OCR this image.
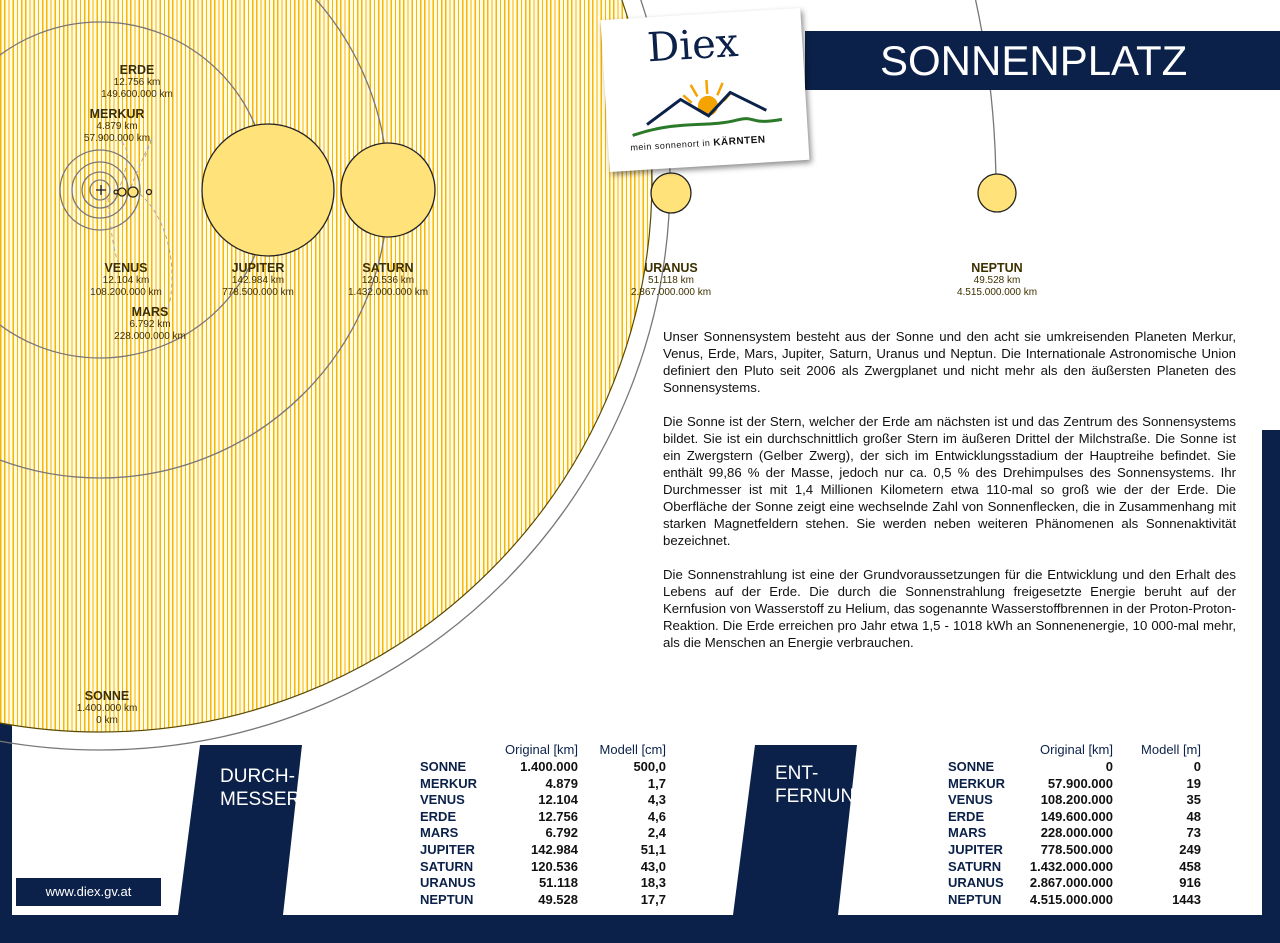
ERDE
12.756 km
149.600.000 km
MERKUR
4.879 km
57.900.000 km
VENUS
12.104 km
108.200.000 km
MARS
6.792 km
228.000.000 km
JUPITER
142.984 km
778.500.000 km
SATURN
120.536 km
1.432.000.000 km
URANUS
51.118 km
2.867.000.000 km
NEPTUN
49.528 km
4.515.000.000 km
SONNE
1.400.000 km
0 km
SONNENPLATZ
Diex
mein sonnenort in KÄRNTEN

Unser Sonnensystem besteht aus der Sonne und den acht sie umkreisenden Planeten Merkur, Venus, Erde, Mars, Jupiter, Saturn, Uranus und Neptun. Die Internationale Astronomische Union definiert den Pluto seit 2006 als Zwergplanet und nicht mehr als den äußersten Planeten des Sonnensystems.

Die Sonne ist der Stern, welcher der Erde am nächsten ist und das Zentrum des Sonnensystems bildet. Sie ist ein durchschnittlich großer Stern im äußeren Drittel der Milchstraße. Die Sonne ist ein Zwergstern (Gelber Zwerg), der sich im Entwicklungsstadium der Hauptreihe befindet. Sie enthält 99,86 % der Masse, jedoch nur ca. 0,5 % des Drehimpulses des Sonnensystems. Ihr Durchmesser ist mit 1,4 Millionen Kilometern etwa 110-mal so groß wie der der Erde. Die Oberfläche der Sonne zeigt eine wechselnde Zahl von Sonnenflecken, die in Zusammenhang mit starken Magnetfeldern stehen. Sie werden neben weiteren Phänomenen als Sonnenaktivität bezeichnet.

Die Sonnenstrahlung ist eine der Grundvoraussetzungen für die Entwicklung und den Erhalt des Lebens auf der Erde. Die durch die Sonnenstrahlung freigesetzte Energie beruht auf der Kernfusion von Wasserstoff zu Helium, das sogenannte Wasserstoffbrennen in der Proton-Proton-Reaktion. Die Erde erreichen pro Jahr etwa 1,5 - 1018 kWh an Sonnenenergie, 10 000-mal mehr, als die Menschen an Energie verbrauchen.

DURCH-
MESSER
ENT-
FERNUNG
Original [km] Modell [cm]
SONNE	1.400.000	500,0
MERKUR	4.879	1,7
VENUS	12.104	4,3
ERDE	12.756	4,6
MARS	6.792	2,4
JUPITER	142.984	51,1
SATURN	120.536	43,0
URANUS	51.118	18,3
NEPTUN	49.528	17,7
Original [km] Modell [m]
SONNE	0	0
MERKUR	57.900.000	19
VENUS	108.200.000	35
ERDE	149.600.000	48
MARS	228.000.000	73
JUPITER	778.500.000	249
SATURN 1.432.000.000	458
URANUS 2.867.000.000	916
NEPTUN 4.515.000.000	1443
www.diex.gv.at
